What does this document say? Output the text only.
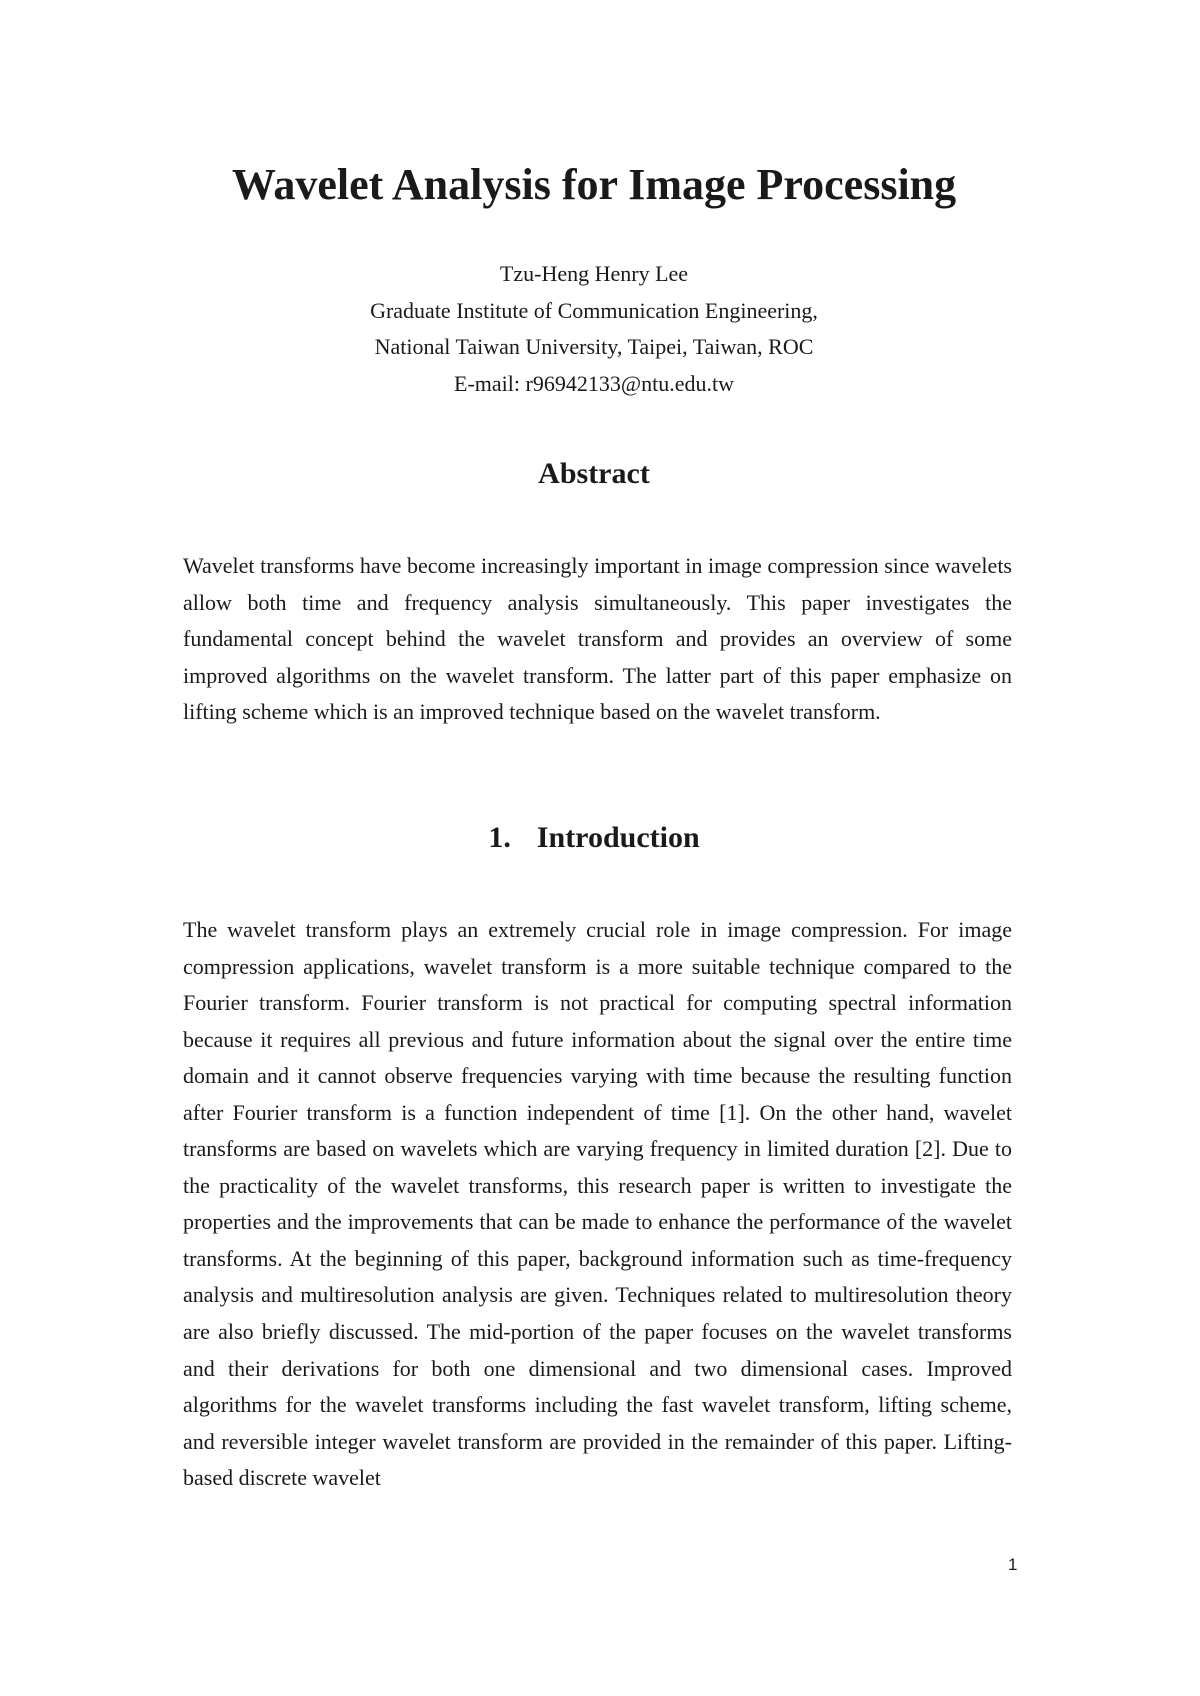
Wavelet Analysis for Image Processing
Tzu-Heng Henry Lee
Graduate Institute of Communication Engineering,
National Taiwan University, Taipei, Taiwan, ROC
E-mail: r96942133@ntu.edu.tw
Abstract

Wavelet transforms have become increasingly important in image compression since wavelets allow both time and frequency analysis simultaneously. This paper investigates the fundamental concept behind the wavelet transform and provides an overview of some improved algorithms on the wavelet transform. The latter part of this paper emphasize on lifting scheme which is an improved technique based on the wavelet transform.

1. Introduction

The wavelet transform plays an extremely crucial role in image compression. For image compression applications, wavelet transform is a more suitable technique compared to the Fourier transform. Fourier transform is not practical for computing spectral information because it requires all previous and future information about the signal over the entire time domain and it cannot observe frequencies varying with time because the resulting function after Fourier transform is a function independent of time [1]. On the other hand, wavelet transforms are based on wavelets which are varying frequency in limited duration [2]. Due to the practicality of the wavelet transforms, this research paper is written to investigate the properties and the improvements that can be made to enhance the performance of the wavelet transforms. At the beginning of this paper, background information such as time-frequency analysis and multiresolution analysis are given. Techniques related to multiresolution theory are also briefly discussed. The mid-portion of the paper focuses on the wavelet transforms and their derivations for both one dimensional and two dimensional cases. Improved algorithms for the wavelet transforms including the fast wavelet transform, lifting scheme, and reversible integer wavelet transform are provided in the remainder of this paper. Lifting-based discrete wavelet

1
